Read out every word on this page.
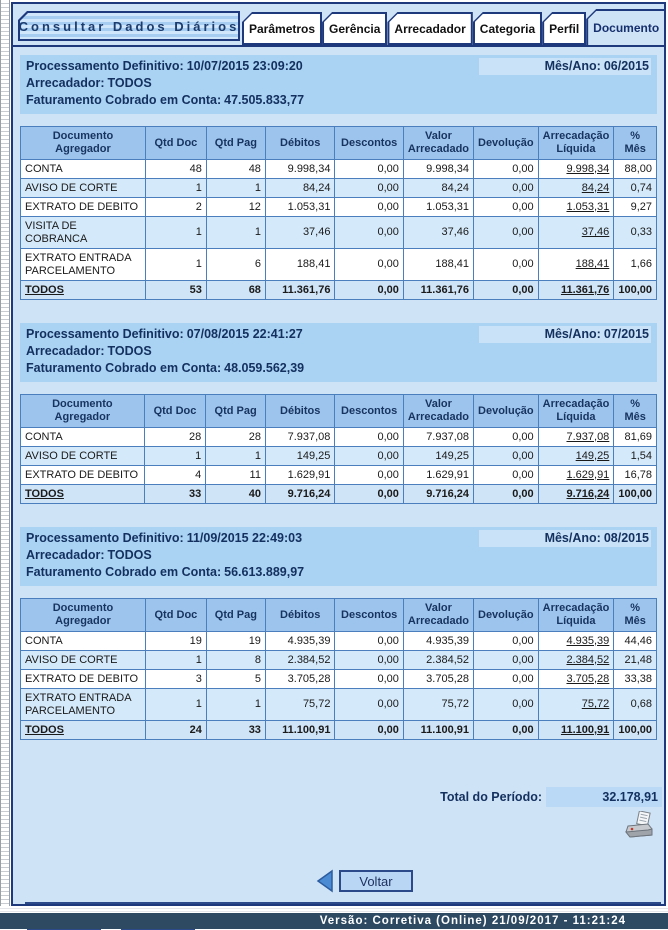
Consultar Dados Diários Parâmetros	Gerência	Arrecadador	Categoria	Perfil	Documento
Processamento Definitivo: 10/07/2015 23:09:20	Mês/Ano: 06/2015
Arrecadador: TODOS
Faturamento Cobrado em Conta: 47.505.833,77
Documento Agregador	Qtd Doc	Qtd Pag	Débitos	Descontos	Valor Arrecadado	Devolução	Arrecadação Líquida	% Mês
CONTA	48	48	9.998,34	0,00	9.998,34	0,00	9.998,34	88,00
AVISO DE CORTE	1	1	84,24	0,00	84,24	0,00	84,24	0,74
EXTRATO DE DEBITO	2	12	1.053,31	0,00	1.053,31	0,00	1.053,31	9,27
VISITA DE COBRANCA	1	1	37,46	0,00	37,46	0,00	37,46	0,33
EXTRATO ENTRADA PARCELAMENTO	1	6	188,41	0,00	188,41	0,00	188,41	1,66
TODOS	53	68	11.361,76	0,00	11.361,76	0,00	11.361,76	100,00
Processamento Definitivo: 07/08/2015 22:41:27	Mês/Ano: 07/2015
Arrecadador: TODOS
Faturamento Cobrado em Conta: 48.059.562,39
Documento Agregador	Qtd Doc	Qtd Pag	Débitos	Descontos	Valor Arrecadado	Devolução	Arrecadação Líquida	% Mês
CONTA	28	28	7.937,08	0,00	7.937,08	0,00	7.937,08	81,69
AVISO DE CORTE	1	1	149,25	0,00	149,25	0,00	149,25	1,54
EXTRATO DE DEBITO	4	11	1.629,91	0,00	1.629,91	0,00	1.629,91	16,78
TODOS	33	40	9.716,24	0,00	9.716,24	0,00	9.716,24	100,00
Processamento Definitivo: 11/09/2015 22:49:03	Mês/Ano: 08/2015
Arrecadador: TODOS
Faturamento Cobrado em Conta: 56.613.889,97
Documento Agregador	Qtd Doc	Qtd Pag	Débitos	Descontos	Valor Arrecadado	Devolução	Arrecadação Líquida	% Mês
CONTA	19	19	4.935,39	0,00	4.935,39	0,00	4.935,39	44,46
AVISO DE CORTE	1	8	2.384,52	0,00	2.384,52	0,00	2.384,52	21,48
EXTRATO DE DEBITO	3	5	3.705,28	0,00	3.705,28	0,00	3.705,28	33,38
EXTRATO ENTRADA PARCELAMENTO	1	1	75,72	0,00	75,72	0,00	75,72	0,68
TODOS	24	33	11.100,91	0,00	11.100,91	0,00	11.100,91	100,00
Total do Período:	32.178,91
Voltar
Versão: Corretiva (Online) 21/09/2017 - 11:21:24
